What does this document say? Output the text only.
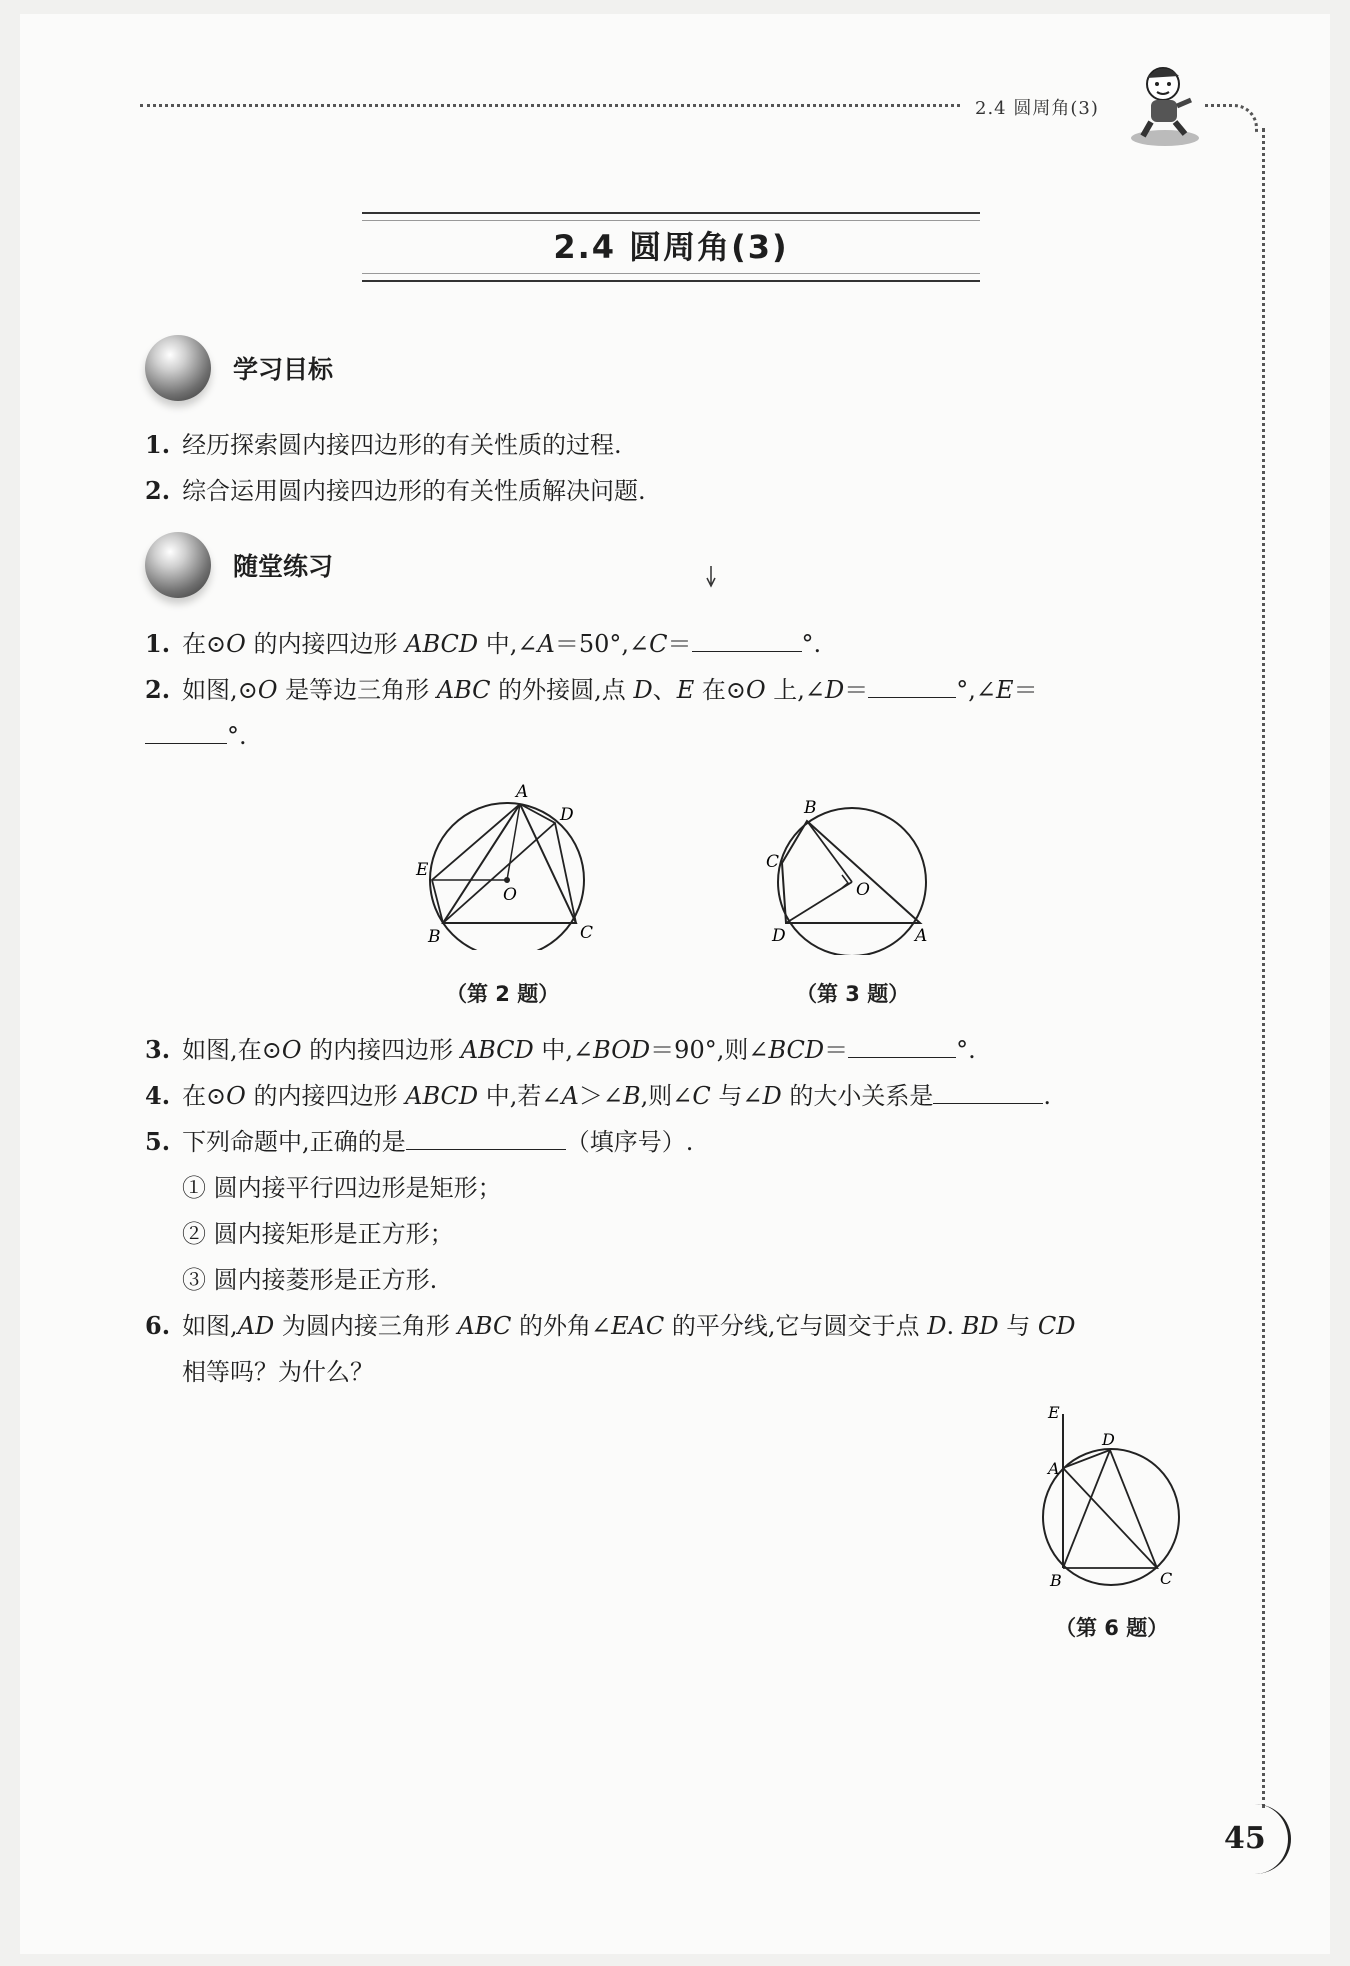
2.4 圆周角(3)
2.4 圆周角(3)
学习目标
1. 经历探索圆内接四边形的有关性质的过程.
2. 综合运用圆内接四边形的有关性质解决问题.
随堂练习
1. 在⊙O 的内接四边形 ABCD 中,∠A＝50°,∠C＝	°.
2. 如图,⊙O 是等边三角形 ABC 的外接圆,点 D、E 在⊙O 上,∠D＝	°,∠E＝
°.
A
D
E
O
B	C
（第 2 题）
B
C
O
D	A
（第 3 题）
3. 如图,在⊙O 的内接四边形 ABCD 中,∠BOD＝90°,则∠BCD＝	°.
4. 在⊙O 的内接四边形 ABCD 中,若∠A＞∠B,则∠C 与∠D 的大小关系是	.
5. 下列命题中,正确的是	（填序号）.
① 圆内接平行四边形是矩形；
② 圆内接矩形是正方形；
③ 圆内接菱形是正方形.
6. 如图,AD 为圆内接三角形 ABC 的外角∠EAC 的平分线,它与圆交于点 D. BD 与 CD
相等吗？为什么？
E
D
A
B	C
（第 6 题）
45
